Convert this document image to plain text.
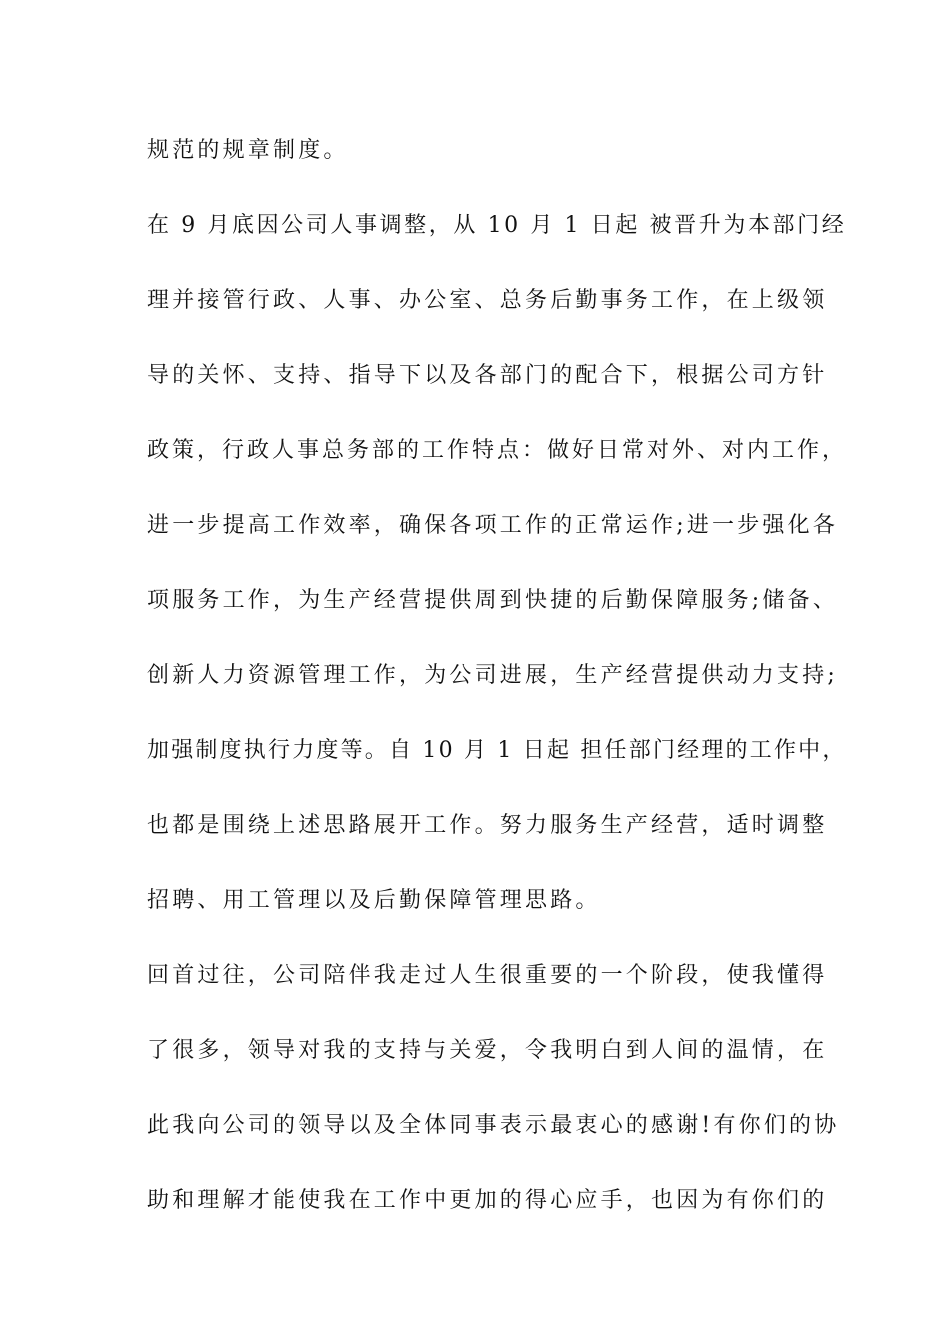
规范的规章制度。
在 9 月底因公司人事调整，从 10 月 1 日起 被晋升为本部门经
理并接管行政、人事、办公室、总务后勤事务工作，在上级领
导的关怀、支持、指导下以及各部门的配合下，根据公司方针
政策，行政人事总务部的工作特点：做好日常对外、对内工作，
进一步提高工作效率，确保各项工作的正常运作;进一步强化各
项服务工作，为生产经营提供周到快捷的后勤保障服务;储备、
创新人力资源管理工作，为公司进展，生产经营提供动力支持;
加强制度执行力度等。自 10 月 1 日起 担任部门经理的工作中，
也都是围绕上述思路展开工作。努力服务生产经营，适时调整
招聘、用工管理以及后勤保障管理思路。
回首过往，公司陪伴我走过人生很重要的一个阶段，使我懂得
了很多，领导对我的支持与关爱，令我明白到人间的温情，在
此我向公司的领导以及全体同事表示最衷心的感谢!有你们的协
助和理解才能使我在工作中更加的得心应手，也因为有你们的
